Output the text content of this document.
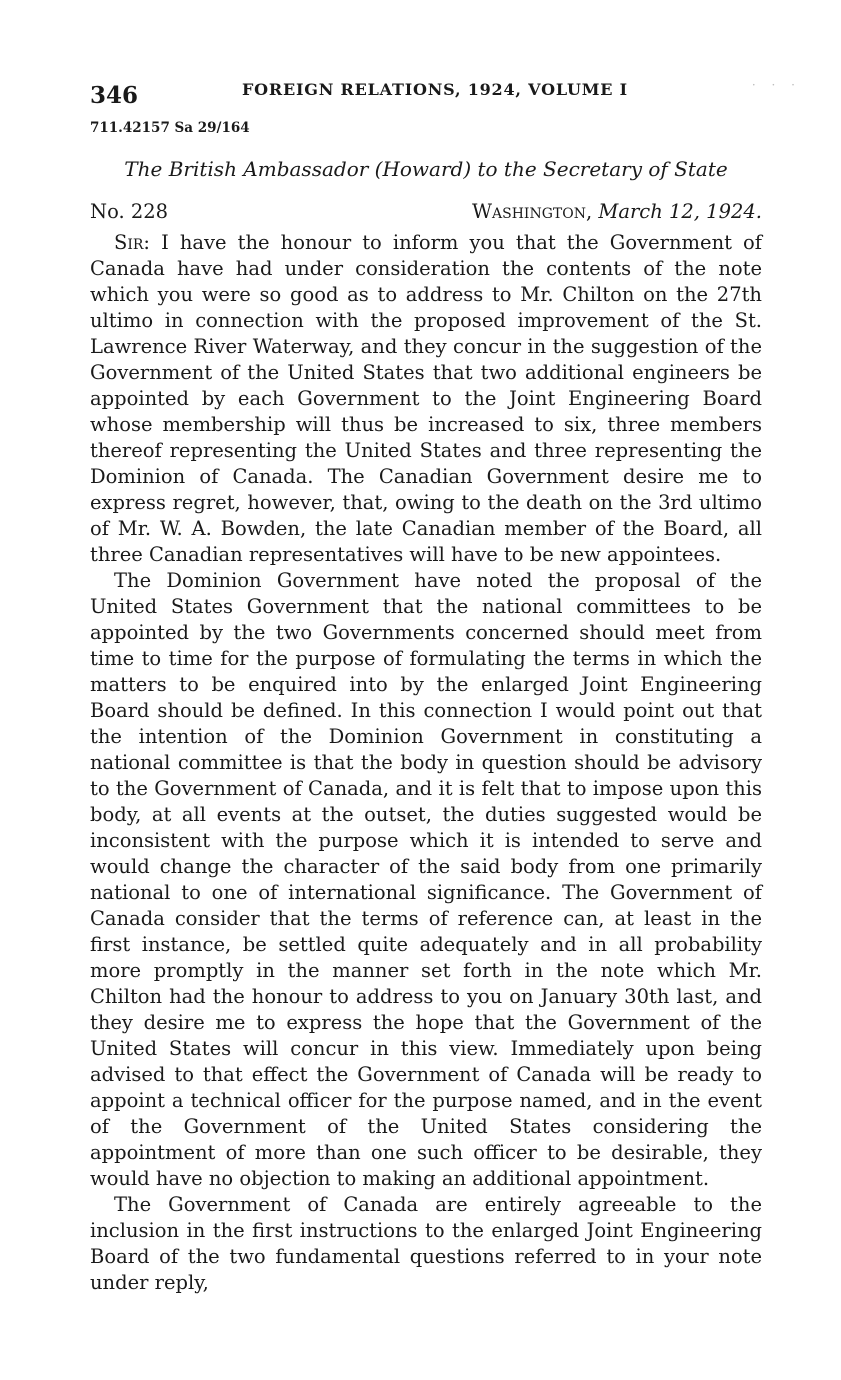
· · ·
346	FOREIGN RELATIONS, 1924, VOLUME I
711.42157 Sa 29/164
The British Ambassador (Howard) to the Secretary of State
No. 228	Washington, March 12, 1924.

Sir: I have the honour to inform you that the Government of Canada have had under consideration the contents of the note which you were so good as to address to Mr. Chilton on the 27th ultimo in connection with the proposed improvement of the St. Lawrence River Waterway, and they concur in the suggestion of the Government of the United States that two additional engineers be appointed by each Government to the Joint Engineering Board whose membership will thus be increased to six, three members thereof representing the United States and three representing the Dominion of Canada. The Canadian Government desire me to express regret, however, that, owing to the death on the 3rd ultimo of Mr. W. A. Bowden, the late Canadian member of the Board, all three Canadian representatives will have to be new appointees.

The Dominion Government have noted the proposal of the United States Government that the national committees to be appointed by the two Governments concerned should meet from time to time for the purpose of formulating the terms in which the matters to be enquired into by the enlarged Joint Engineering Board should be defined. In this connection I would point out that the intention of the Dominion Government in constituting a national committee is that the body in question should be advisory to the Government of Canada, and it is felt that to impose upon this body, at all events at the outset, the duties suggested would be inconsistent with the purpose which it is intended to serve and would change the character of the said body from one primarily national to one of international significance. The Government of Canada consider that the terms of reference can, at least in the first instance, be settled quite adequately and in all probability more promptly in the manner set forth in the note which Mr. Chilton had the honour to address to you on January 30th last, and they desire me to express the hope that the Government of the United States will concur in this view. Immediately upon being advised to that effect the Government of Canada will be ready to appoint a technical officer for the purpose named, and in the event of the Government of the United States considering the appointment of more than one such officer to be desirable, they would have no objection to making an additional appointment.

The Government of Canada are entirely agreeable to the inclusion in the first instructions to the enlarged Joint Engineering Board of the two fundamental questions referred to in your note under reply,
